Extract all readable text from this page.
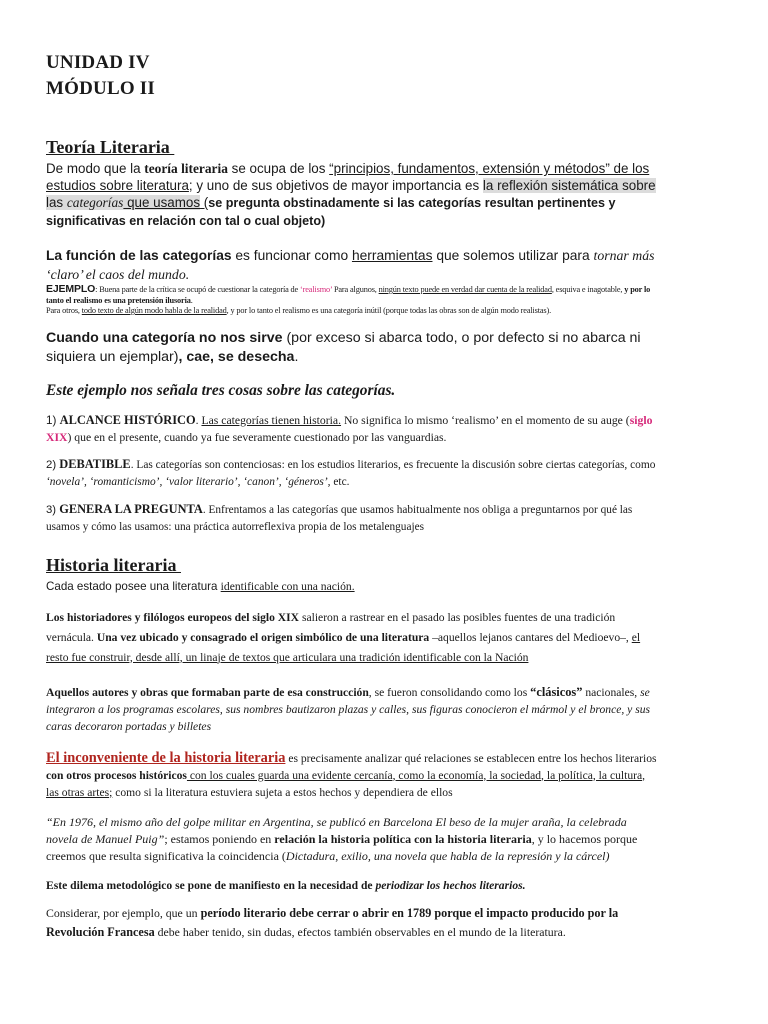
UNIDAD IV

MÓDULO II

Teoría Literaria

De modo que la teoría literaria se ocupa de los “principios, fundamentos, extensión y métodos” de los estudios sobre literatura; y uno de sus objetivos de mayor importancia es la reflexión sistemática sobre las categorías que usamos (se pregunta obstinadamente si las categorías resultan pertinentes y significativas en relación con tal o cual objeto)

La función de las categorías es funcionar como herramientas que solemos utilizar para tornar más ‘claro’ el caos del mundo.

EJEMPLO: Buena parte de la crítica se ocupó de cuestionar la categoría de ‘realismo’ Para algunos, ningún texto puede en verdad dar cuenta de la realidad, esquiva e inagotable, y por lo tanto el realismo es una pretensión ilusoria.
Para otros, todo texto de algún modo habla de la realidad, y por lo tanto el realismo es una categoría inútil (porque todas las obras son de algún modo realistas).

Cuando una categoría no nos sirve (por exceso si abarca todo, o por defecto si no abarca ni siquiera un ejemplar), cae, se desecha.

Este ejemplo nos señala tres cosas sobre las categorías.

1) ALCANCE HISTÓRICO. Las categorías tienen historia. No significa lo mismo ‘realismo’ en el momento de su auge (siglo XIX) que en el presente, cuando ya fue severamente cuestionado por las vanguardias.

2) DEBATIBLE. Las categorías son contenciosas: en los estudios literarios, es frecuente la discusión sobre ciertas categorías, como ‘novela’, ‘romanticismo’, ‘valor literario’, ‘canon’, ‘géneros’, etc.

3) GENERA LA PREGUNTA. Enfrentamos a las categorías que usamos habitualmente nos obliga a preguntarnos por qué las usamos y cómo las usamos: una práctica autorreflexiva propia de los metalenguajes

Historia literaria

Cada estado posee una literatura identificable con una nación.

Los historiadores y filólogos europeos del siglo XIX salieron a rastrear en el pasado las posibles fuentes de una tradición vernácula. Una vez ubicado y consagrado el origen simbólico de una literatura –aquellos lejanos cantares del Medioevo–, el resto fue construir, desde allí, un linaje de textos que articulara una tradición identificable con la Nación

Aquellos autores y obras que formaban parte de esa construcción, se fueron consolidando como los “clásicos” nacionales, se integraron a los programas escolares, sus nombres bautizaron plazas y calles, sus figuras conocieron el mármol y el bronce, y sus caras decoraron portadas y billetes

El inconveniente de la historia literaria es precisamente analizar qué relaciones se establecen entre los hechos literarios con otros procesos históricos con los cuales guarda una evidente cercanía, como la economía, la sociedad, la política, la cultura, las otras artes; como si la literatura estuviera sujeta a estos hechos y dependiera de ellos

“En 1976, el mismo año del golpe militar en Argentina, se publicó en Barcelona El beso de la mujer araña, la celebrada novela de Manuel Puig”; estamos poniendo en relación la historia política con la historia literaria, y lo hacemos porque creemos que resulta significativa la coincidencia (Dictadura, exilio, una novela que habla de la represión y la cárcel)

Este dilema metodológico se pone de manifiesto en la necesidad de periodizar los hechos literarios.

Considerar, por ejemplo, que un período literario debe cerrar o abrir en 1789 porque el impacto producido por la Revolución Francesa debe haber tenido, sin dudas, efectos también observables en el mundo de la literatura.
